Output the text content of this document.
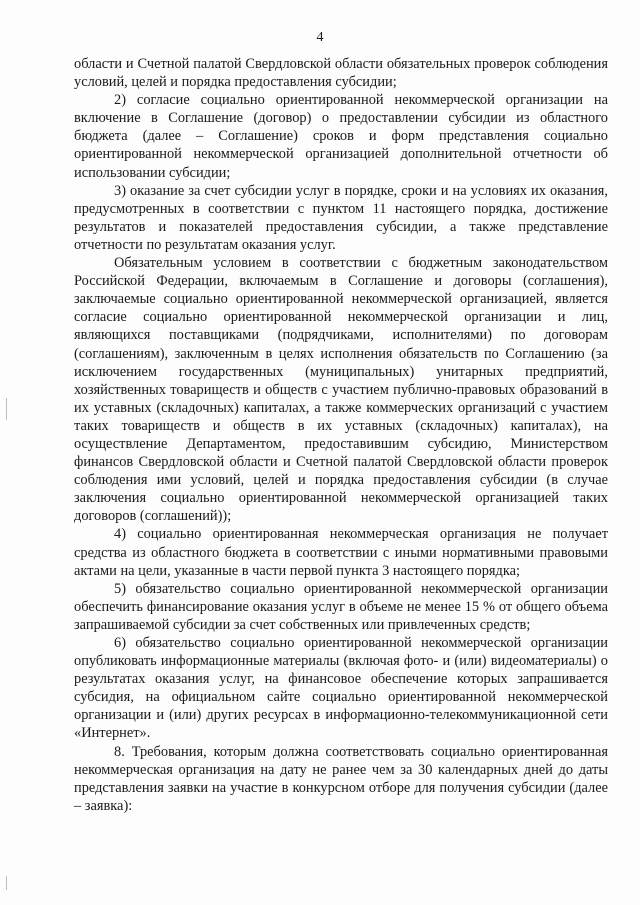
4

области и Счетной палатой Свердловской области обязательных проверок соблюдения условий, целей и порядка предоставления субсидии;

2) согласие социально ориентированной некоммерческой организации на включение в Соглашение (договор) о предоставлении субсидии из областного бюджета (далее – Соглашение) сроков и форм представления социально ориентированной некоммерческой организацией дополнительной отчетности об использовании субсидии;

3) оказание за счет субсидии услуг в порядке, сроки и на условиях их оказания, предусмотренных в соответствии с пунктом 11 настоящего порядка, достижение результатов и показателей предоставления субсидии, а также представление отчетности по результатам оказания услуг.

Обязательным условием в соответствии с бюджетным законодательством Российской Федерации, включаемым в Соглашение и договоры (соглашения), заключаемые социально ориентированной некоммерческой организацией, является согласие социально ориентированной некоммерческой организации и лиц, являющихся поставщиками (подрядчиками, исполнителями) по договорам (соглашениям), заключенным в целях исполнения обязательств по Соглашению (за исключением государственных (муниципальных) унитарных предприятий, хозяйственных товариществ и обществ с участием публично-правовых образований в их уставных (складочных) капиталах, а также коммерческих организаций с участием таких товариществ и обществ в их уставных (складочных) капиталах), на осуществление Департаментом, предоставившим субсидию, Министерством финансов Свердловской области и Счетной палатой Свердловской области проверок соблюдения ими условий, целей и порядка предоставления субсидии (в случае заключения социально ориентированной некоммерческой организацией таких договоров (соглашений));

4) социально ориентированная некоммерческая организация не получает средства из областного бюджета в соответствии с иными нормативными правовыми актами на цели, указанные в части первой пункта 3 настоящего порядка;

5) обязательство социально ориентированной некоммерческой организации обеспечить финансирование оказания услуг в объеме не менее 15 % от общего объема запрашиваемой субсидии за счет собственных или привлеченных средств;

6) обязательство социально ориентированной некоммерческой организации опубликовать информационные материалы (включая фото- и (или) видеоматериалы) о результатах оказания услуг, на финансовое обеспечение которых запрашивается субсидия, на официальном сайте социально ориентированной некоммерческой организации и (или) других ресурсах в информационно-телекоммуникационной сети «Интернет».

8. Требования, которым должна соответствовать социально ориентированная некоммерческая организация на дату не ранее чем за 30 календарных дней до даты представления заявки на участие в конкурсном отборе для получения субсидии (далее – заявка):
